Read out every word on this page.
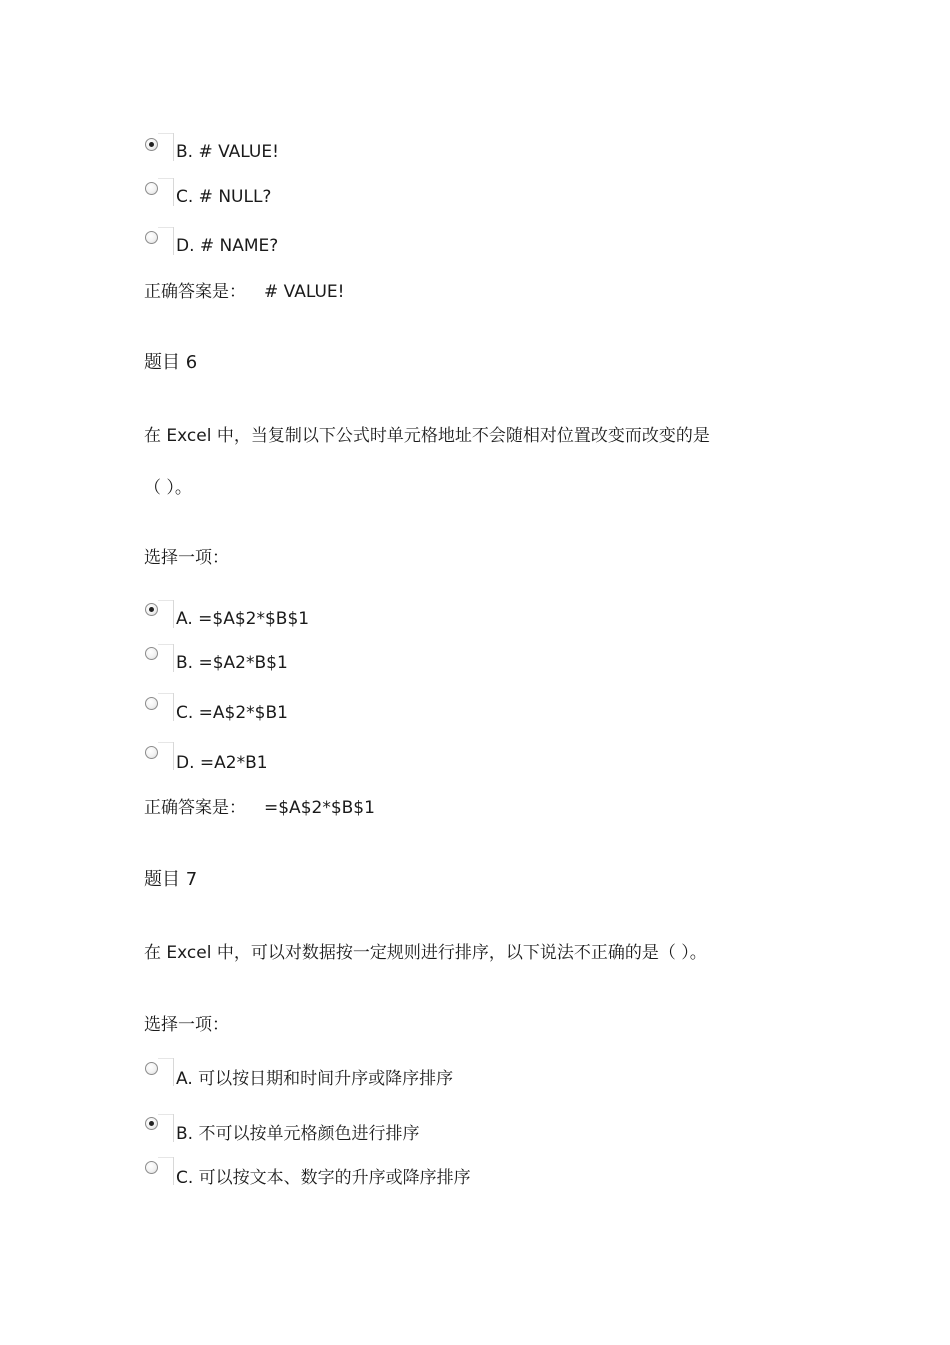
B. # VALUE!
C. # NULL?
D. # NAME?
正确答案是： # VALUE!
题目 6
在 Excel 中，当复制以下公式时单元格地址不会随相对位置改变而改变的是
（ ）。
选择一项：
A. =$A$2*$B$1
B. =$A2*B$1
C. =A$2*$B1
D. =A2*B1
正确答案是： =$A$2*$B$1
题目 7
在 Excel 中，可以对数据按一定规则进行排序，以下说法不正确的是（ ）。
选择一项：
A. 可以按日期和时间升序或降序排序
B. 不可以按单元格颜色进行排序
C. 可以按文本、数字的升序或降序排序
